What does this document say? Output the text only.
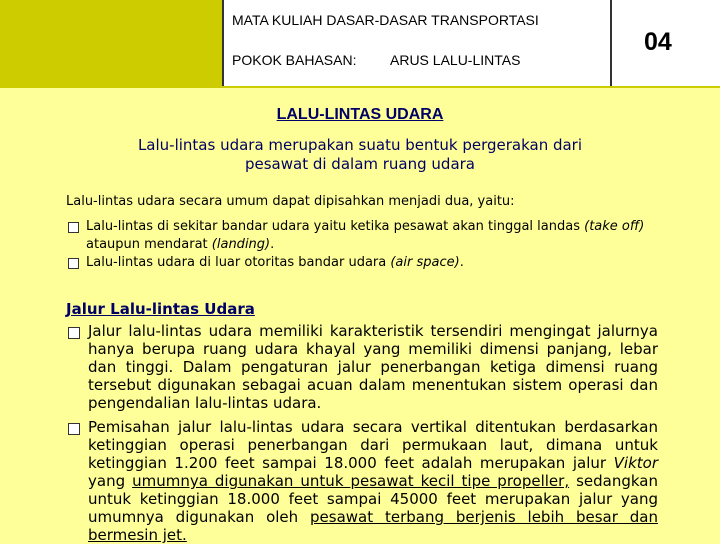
MATA KULIAH DASAR-DASAR TRANSPORTASI
POKOK BAHASAN: ARUS LALU-LINTAS
04
LALU-LINTAS UDARA
Lalu-lintas udara merupakan suatu bentuk pergerakan dari pesawat di dalam ruang udara
Lalu-lintas udara secara umum dapat dipisahkan menjadi dua, yaitu:
Lalu-lintas di sekitar bandar udara yaitu ketika pesawat akan tinggal landas (take off) ataupun mendarat (landing).
Lalu-lintas udara di luar otoritas bandar udara (air space).
Jalur Lalu-lintas Udara
Jalur lalu-lintas udara memiliki karakteristik tersendiri mengingat jalurnya hanya berupa ruang udara khayal yang memiliki dimensi panjang, lebar dan tinggi. Dalam pengaturan jalur penerbangan ketiga dimensi ruang tersebut digunakan sebagai acuan dalam menentukan sistem operasi dan pengendalian lalu-lintas udara.
Pemisahan jalur lalu-lintas udara secara vertikal ditentukan berdasarkan ketinggian operasi penerbangan dari permukaan laut, dimana untuk ketinggian 1.200 feet sampai 18.000 feet adalah merupakan jalur Viktor yang umumnya digunakan untuk pesawat kecil tipe propeller, sedangkan untuk ketinggian 18.000 feet sampai 45000 feet merupakan jalur yang umumnya digunakan oleh pesawat terbang berjenis lebih besar dan bermesin jet.
